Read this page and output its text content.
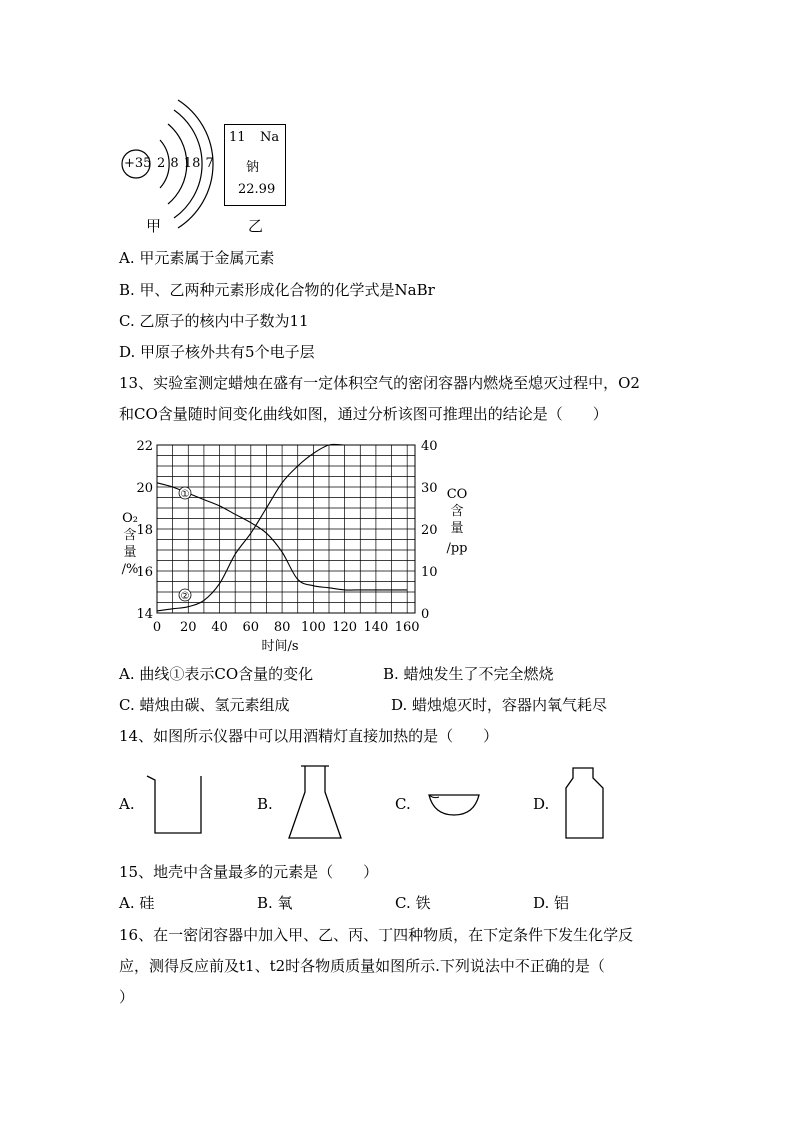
+35 2 8 18 7
甲
11 Na
钠
22.99
乙
A. 甲元素属于金属元素
B. 甲、乙两种元素形成化合物的化学式是NaBr
C. 乙原子的核内中子数为11
D. 甲原子核外共有5个电子层
13、实验室测定蜡烛在盛有一定体积空气的密闭容器内燃烧至熄灭过程中，O2
和CO含量随时间变化曲线如图，通过分析该图可推理出的结论是（　　）
14
16
18
20
22
0
10
20
30
40
0 20 40 60 80 100 120 140 160
①
②
O₂
含
量
/%
CO
含
量
/pp
时间/s
A. 曲线①表示CO含量的变化	B. 蜡烛发生了不完全燃烧
C. 蜡烛由碳、氢元素组成	D. 蜡烛熄灭时，容器内氧气耗尽
14、如图所示仪器中可以用酒精灯直接加热的是（　　）
A.	B.	C.	D.
15、地壳中含量最多的元素是（　　）
A. 硅	B. 氧	C. 铁	D. 铝
16、在一密闭容器中加入甲、乙、丙、丁四种物质，在下定条件下发生化学反
应，测得反应前及t1、t2时各物质质量如图所示.下列说法中不正确的是（
）
